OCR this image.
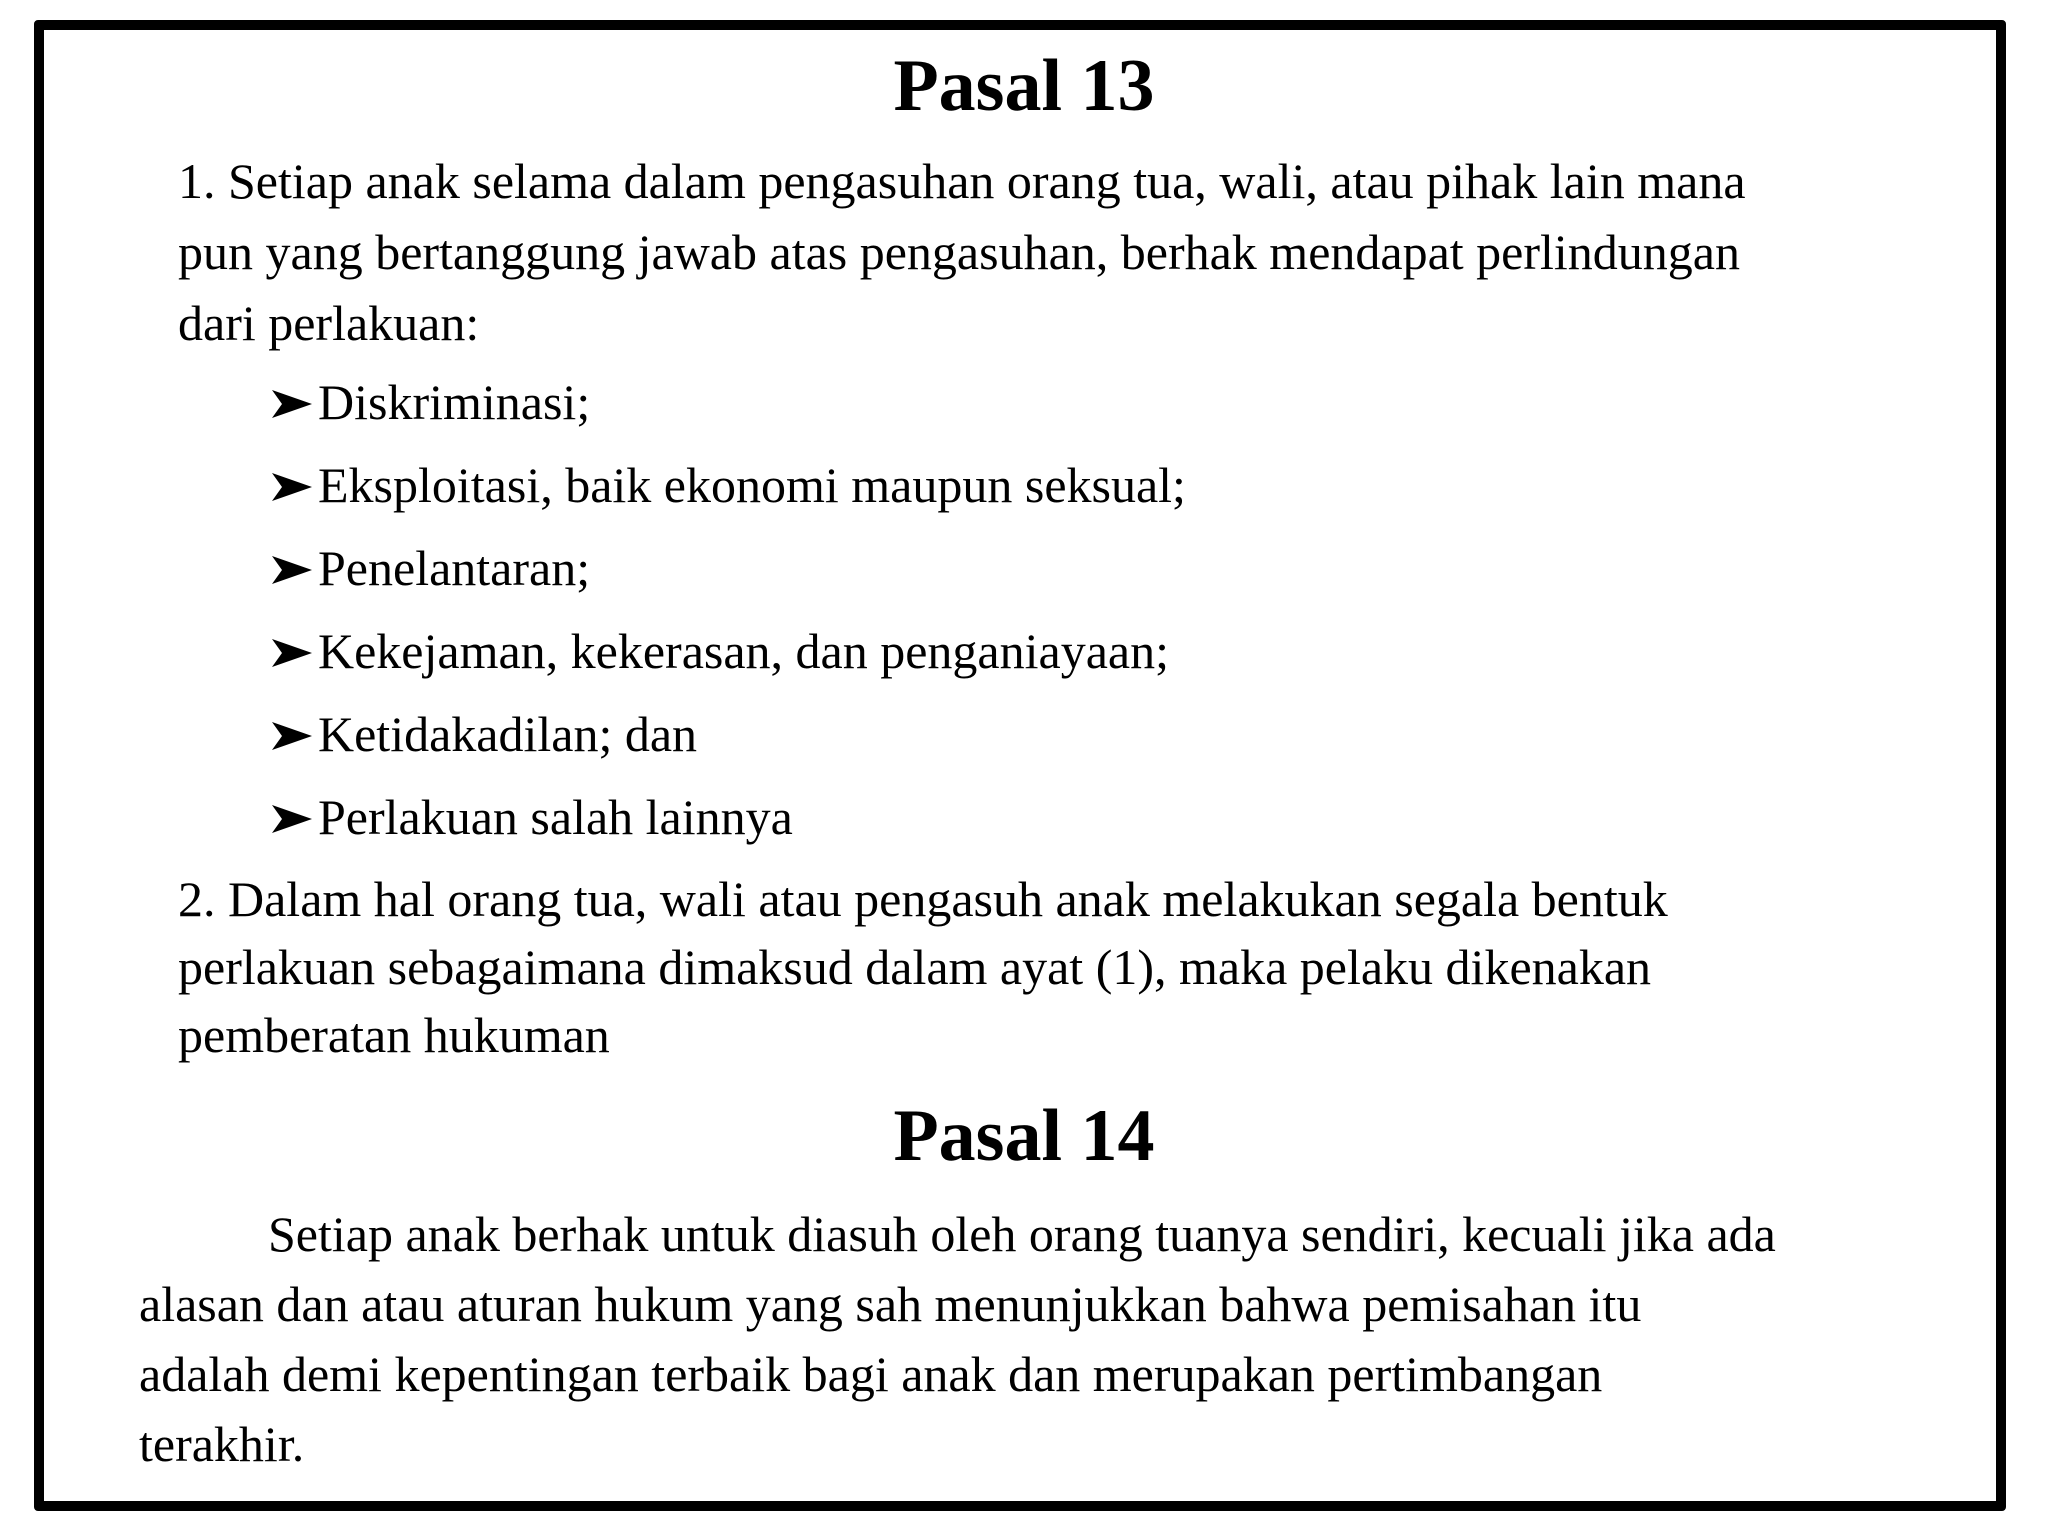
Pasal 13

1. Setiap anak selama dalam pengasuhan orang tua, wali, atau pihak lain mana

pun yang bertanggung jawab atas pengasuhan, berhak mendapat perlindungan

dari perlakuan:

Diskriminasi;

Eksploitasi, baik ekonomi maupun seksual;

Penelantaran;

Kekejaman, kekerasan, dan penganiayaan;

Ketidakadilan; dan

Perlakuan salah lainnya

2. Dalam hal orang tua, wali atau pengasuh anak melakukan segala bentuk

perlakuan sebagaimana dimaksud dalam ayat (1), maka pelaku dikenakan

pemberatan hukuman

Pasal 14

Setiap anak berhak untuk diasuh oleh orang tuanya sendiri, kecuali jika ada

alasan dan atau aturan hukum yang sah menunjukkan bahwa pemisahan itu

adalah demi kepentingan terbaik bagi anak dan merupakan pertimbangan

terakhir.
